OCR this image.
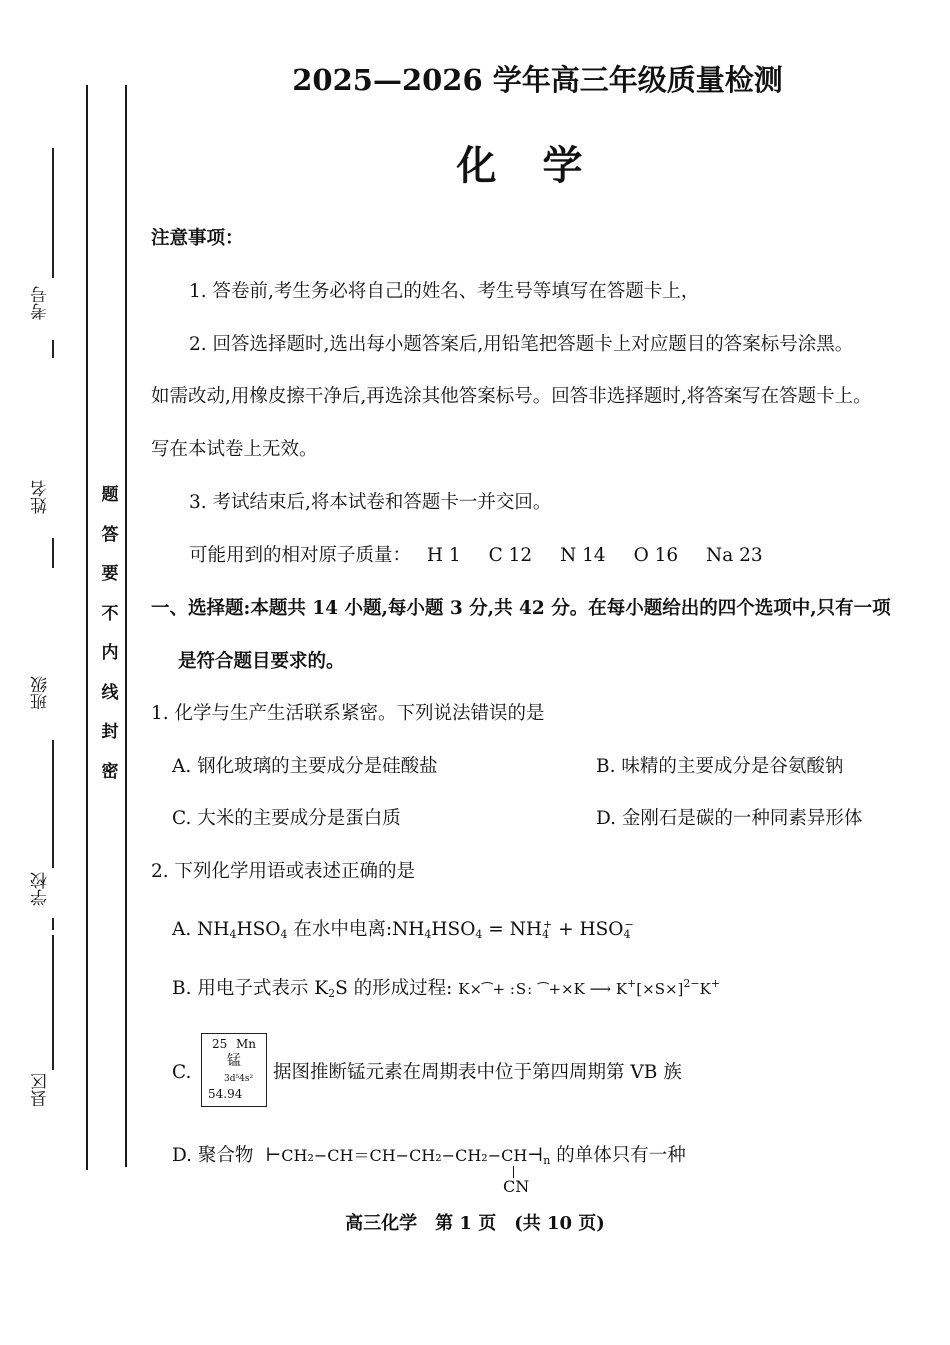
考号
姓名
班级
学校
县区
题
答
要
不
内
线
封
密
2025—2026 学年高三年级质量检测
化学
注意事项：
1. 答卷前,考生务必将自己的姓名、考生号等填写在答题卡上，
2. 回答选择题时,选出每小题答案后,用铅笔把答题卡上对应题目的答案标号涂黑。
如需改动,用橡皮擦干净后,再选涂其他答案标号。回答非选择题时,将答案写在答题卡上。
写在本试卷上无效。
3. 考试结束后,将本试卷和答题卡一并交回。
可能用到的相对原子质量： H 1 C 12 N 14 O 16 Na 23
一、选择题:本题共 14 小题,每小题 3 分,共 42 分。在每小题给出的四个选项中,只有一项
是符合题目要求的。
1. 化学与生产生活联系紧密。下列说法错误的是
A. 钢化玻璃的主要成分是硅酸盐	B. 味精的主要成分是谷氨酸钠
C. 大米的主要成分是蛋白质	D. 金刚石是碳的一种同素异形体
2. 下列化学用语或表述正确的是
A. $NH_4HSO_4$ 在水中电离$:NH_4HSO_4 = NH_4^+ + HSO_4^-$
B. 用电子式表示 $K_2S$ 的形成过程: K×⁀+ :S: ⁀+×K ⟶ $K^+[\times S\times]^{2-}K^+$
C.
25 Mn
锰
3d⁵4s²
54.94
据图推断锰元素在周期表中位于第四周期第 VB 族
D. 聚合物 $⊢CH_2-CH=CH-CH_2-CH_2-CH⊣_n$ 的单体只有一种
CN
高三化学　第 1 页　(共 10 页)
